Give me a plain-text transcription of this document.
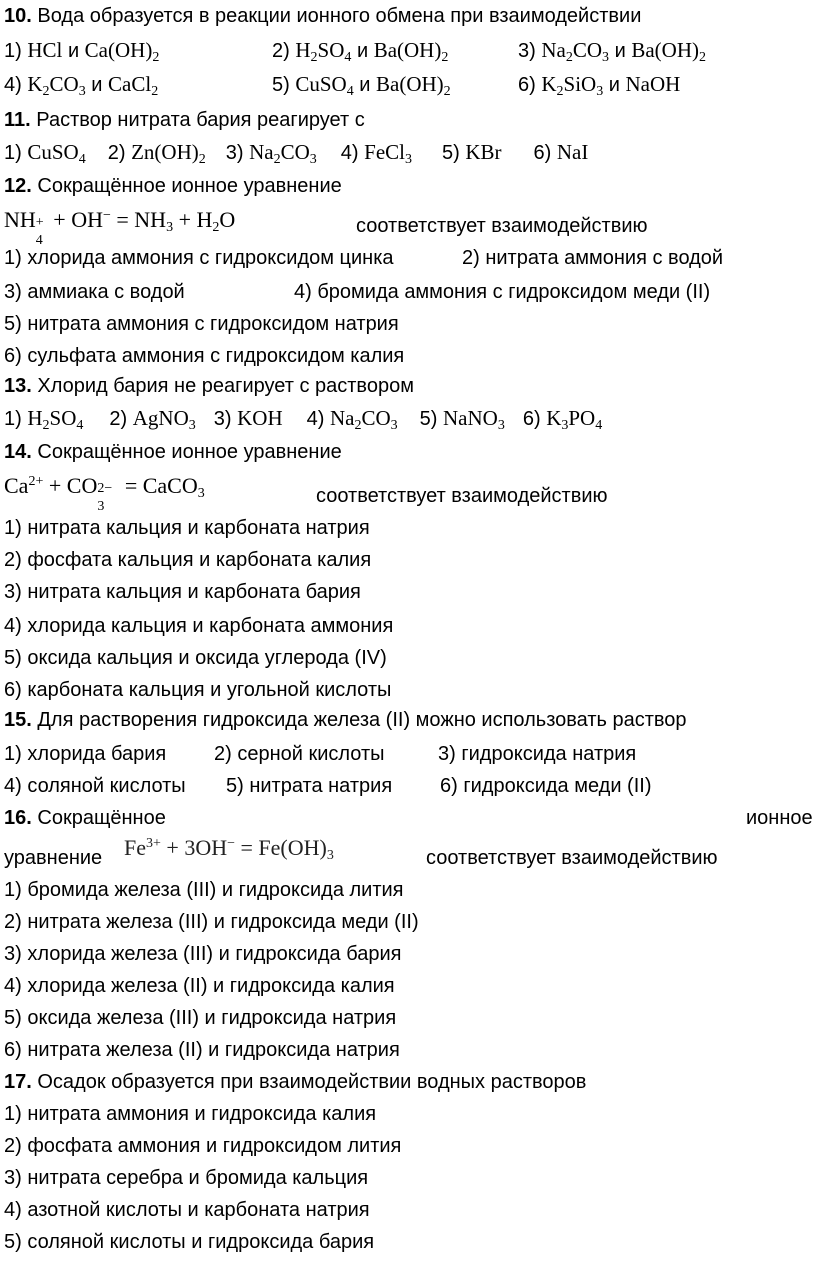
10. Вода образуется в реакции ионного обмена при взаимодействии
1) HCl и $Ca(OH)_2$	2) $H_2SO_4$ и $Ba(OH)_2$	3) $Na_2CO_3$ и $Ba(OH)_2$
4) $K_2CO_3$ и CaCl$_2$	5) CuSO$_4$ и $Ba(OH)_2$	6) $K_2SiO_3$ и NaOH
11. Раствор нитрата бария реагирует с
1) CuSO$_4$ 2) $Zn(OH)_2$ 3) $Na_2CO_3$ 4) FeCl$_3$ 5) KBr 6) NaI
12. Сокращённое ионное уравнение
NH +
4
+ $OH^- = NH_3 + H_2O$	соответствует взаимодействию
1) хлорида аммония с гидроксидом цинка	2) нитрата аммония с водой
3) аммиака с водой	4) бромида аммония с гидроксидом меди (II)
5) нитрата аммония с гидроксидом натрия
6) сульфата аммония с гидроксидом калия
13. Хлорид бария не реагирует с раствором
1) $H_2SO_4$ 2) AgNO$_3$ 3) KOH 4) $Na_2CO_3$ 5) NaNO$_3$ 6) $K_3PO_4$
14. Сокращённое ионное уравнение
$Ca^{2+}$ + CO 2−
3
= CaCO$_3$	соответствует взаимодействию
1) нитрата кальция и карбоната натрия
2) фосфата кальция и карбоната калия
3) нитрата кальция и карбоната бария
4) хлорида кальция и карбоната аммония
5) оксида кальция и оксида углерода (IV)
6) карбоната кальция и угольной кислоты
15. Для растворения гидроксида железа (II) можно использовать раствор
1) хлорида бария 2) серной кислоты	3) гидроксида натрия
4) соляной кислоты 5) нитрата натрия 6) гидроксида меди (II)
16. Сокращённое	ионное
уравнение $Fe^{3+} + 3OH^- = Fe(OH)_3$	соответствует взаимодействию
1) бромида железа (III) и гидроксида лития
2) нитрата железа (III) и гидроксида меди (II)
3) хлорида железа (III) и гидроксида бария
4) хлорида железа (II) и гидроксида калия
5) оксида железа (III) и гидроксида натрия
6) нитрата железа (II) и гидроксида натрия
17. Осадок образуется при взаимодействии водных растворов
1) нитрата аммония и гидроксида калия
2) фосфата аммония и гидроксидом лития
3) нитрата серебра и бромида кальция
4) азотной кислоты и карбоната натрия
5) соляной кислоты и гидроксида бария
